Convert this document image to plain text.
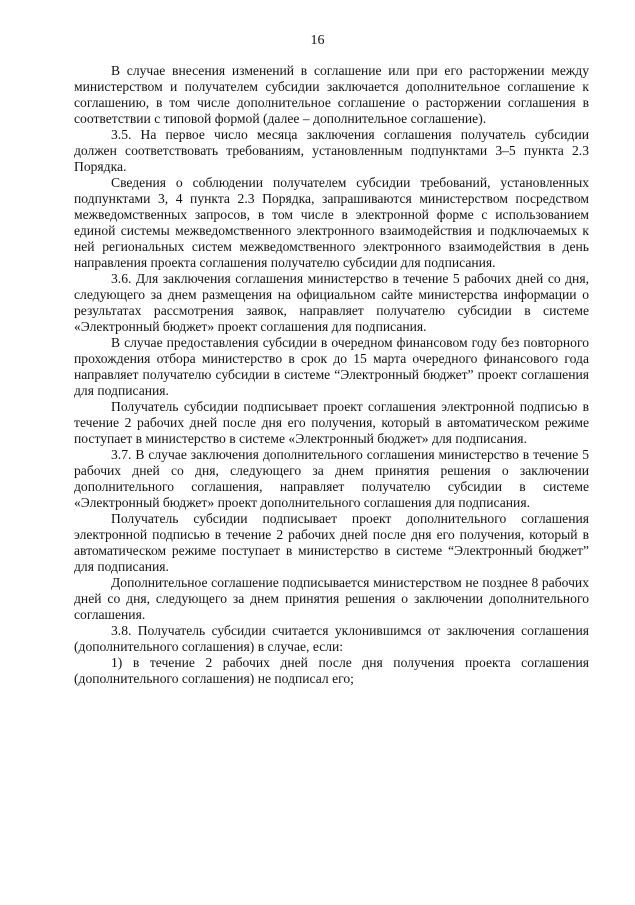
16

В случае внесения изменений в соглашение или при его расторжении между министерством и получателем субсидии заключается дополнительное соглашение к соглашению, в том числе дополнительное соглашение о расторжении соглашения в соответствии с типовой формой (далее – дополнительное соглашение).

3.5. На первое число месяца заключения соглашения получатель субсидии должен соответствовать требованиям, установленным подпунктами 3–5 пункта 2.3 Порядка.

Сведения о соблюдении получателем субсидии требований, установленных подпунктами 3, 4 пункта 2.3 Порядка, запрашиваются министерством посредством межведомственных запросов, в том числе в электронной форме с использованием единой системы межведомственного электронного взаимодействия и подключаемых к ней региональных систем межведомственного электронного взаимодействия в день направления проекта соглашения получателю субсидии для подписания.

3.6. Для заключения соглашения министерство в течение 5 рабочих дней со дня, следующего за днем размещения на официальном сайте министерства информации о результатах рассмотрения заявок, направляет получателю субсидии в системе «Электронный бюджет» проект соглашения для подписания.

В случае предоставления субсидии в очередном финансовом году без повторного прохождения отбора министерство в срок до 15 марта очередного финансового года направляет получателю субсидии в системе “Электронный бюджет” проект соглашения для подписания.

Получатель субсидии подписывает проект соглашения электронной подписью в течение 2 рабочих дней после дня его получения, который в автоматическом режиме поступает в министерство в системе «Электронный бюджет» для подписания.

3.7. В случае заключения дополнительного соглашения министерство в течение 5 рабочих дней со дня, следующего за днем принятия решения о заключении дополнительного соглашения, направляет получателю субсидии в системе «Электронный бюджет» проект дополнительного соглашения для подписания.

Получатель субсидии подписывает проект дополнительного соглашения электронной подписью в течение 2 рабочих дней после дня его получения, который в автоматическом режиме поступает в министерство в системе “Электронный бюджет” для подписания.

Дополнительное соглашение подписывается министерством не позднее 8 рабочих дней со дня, следующего за днем принятия решения о заключении дополнительного соглашения.

3.8. Получатель субсидии считается уклонившимся от заключения соглашения (дополнительного соглашения) в случае, если:

1) в течение 2 рабочих дней после дня получения проекта соглашения (дополнительного соглашения) не подписал его;
